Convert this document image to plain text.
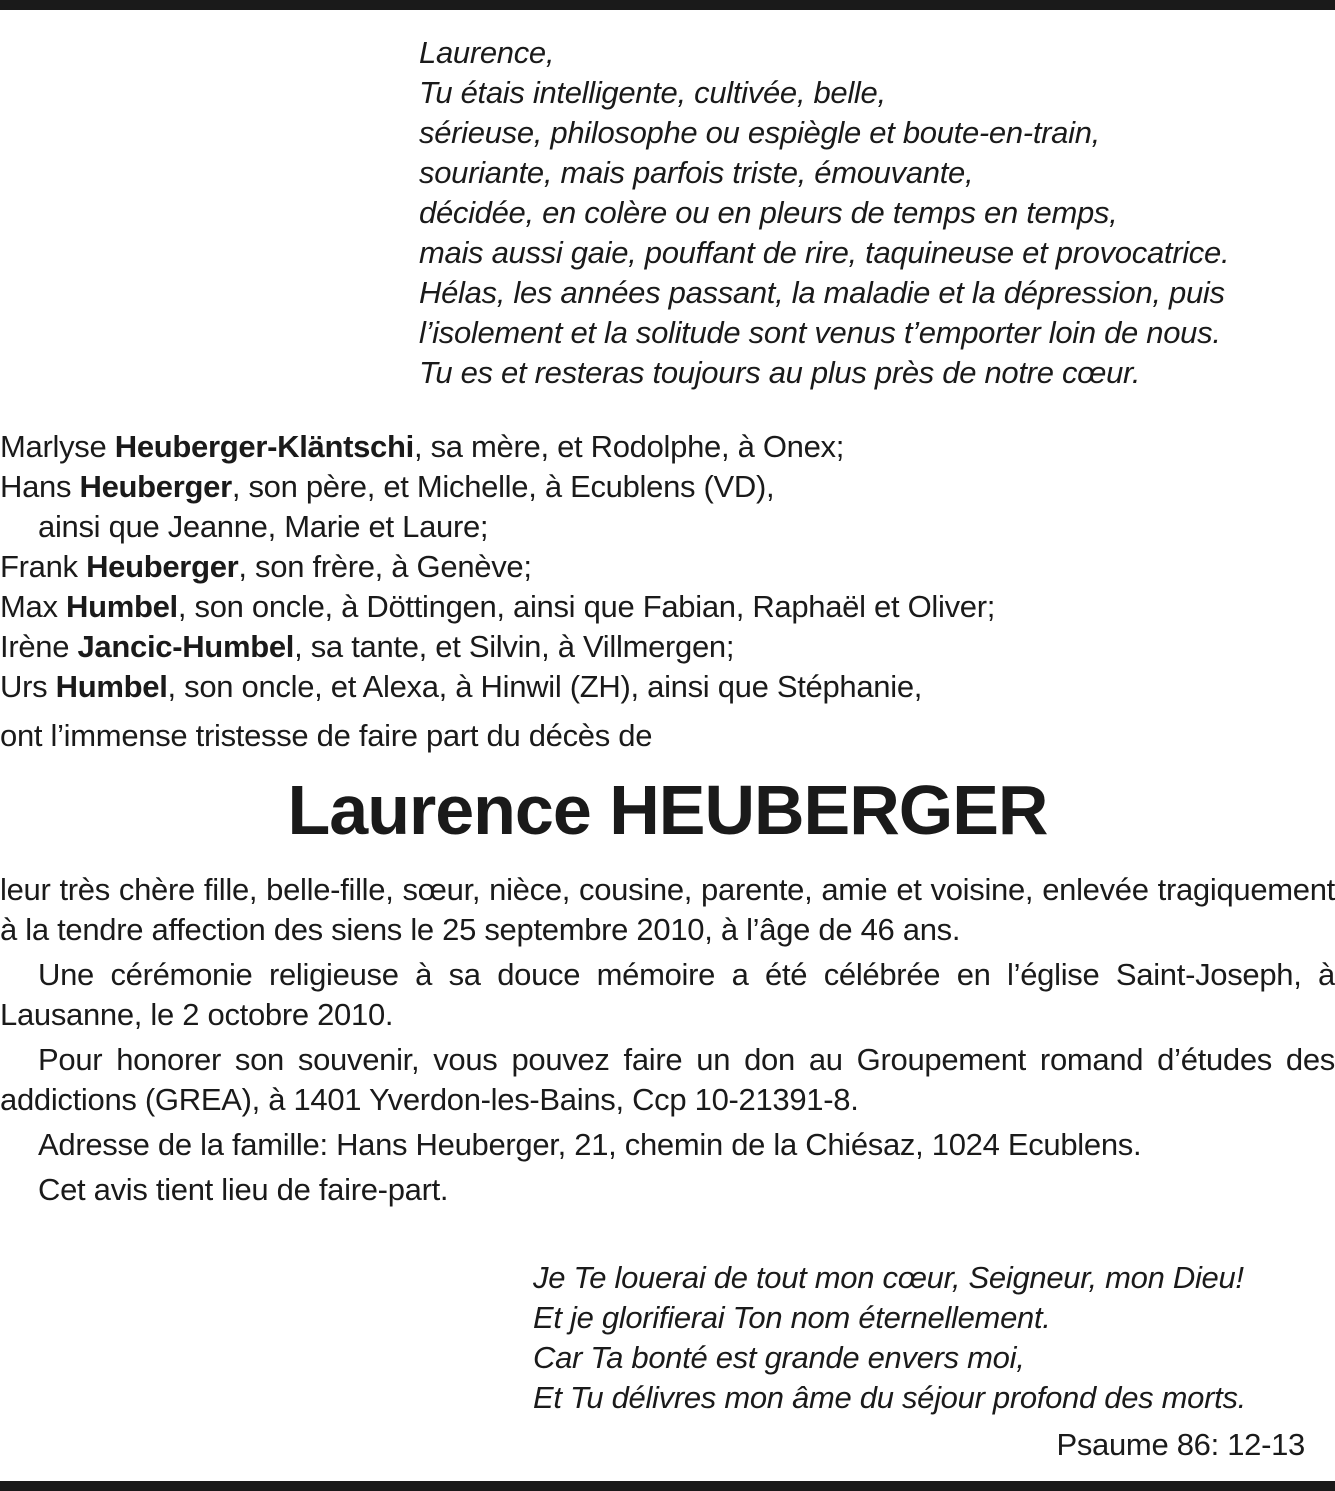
Laurence,
Tu étais intelligente, cultivée, belle,
sérieuse, philosophe ou espiègle et boute-en-train,
souriante, mais parfois triste, émouvante,
décidée, en colère ou en pleurs de temps en temps,
mais aussi gaie, pouffant de rire, taquineuse et provocatrice.
Hélas, les années passant, la maladie et la dépression, puis
l’isolement et la solitude sont venus t’emporter loin de nous.
Tu es et resteras toujours au plus près de notre cœur.
Marlyse Heuberger-Kläntschi, sa mère, et Rodolphe, à Onex;
Hans Heuberger, son père, et Michelle, à Ecublens (VD),
ainsi que Jeanne, Marie et Laure;
Frank Heuberger, son frère, à Genève;
Max Humbel, son oncle, à Döttingen, ainsi que Fabian, Raphaël et Oliver;
Irène Jancic-Humbel, sa tante, et Silvin, à Villmergen;
Urs Humbel, son oncle, et Alexa, à Hinwil (ZH), ainsi que Stéphanie,
ont l’immense tristesse de faire part du décès de
Laurence HEUBERGER

leur très chère fille, belle-fille, sœur, nièce, cousine, parente, amie et voisine, enlevée tragiquement à la tendre affection des siens le 25 septembre 2010, à l’âge de 46 ans.

Une cérémonie religieuse à sa douce mémoire a été célébrée en l’église Saint-Joseph, à Lausanne, le 2 octobre 2010.

Pour honorer son souvenir, vous pouvez faire un don au Groupement romand d’études des addictions (GREA), à 1401 Yverdon-les-Bains, Ccp 10-21391-8.

Adresse de la famille: Hans Heuberger, 21, chemin de la Chiésaz, 1024 Ecublens.

Cet avis tient lieu de faire-part.

Je Te louerai de tout mon cœur, Seigneur, mon Dieu!
Et je glorifierai Ton nom éternellement.
Car Ta bonté est grande envers moi,
Et Tu délivres mon âme du séjour profond des morts.
Psaume 86: 12-13
